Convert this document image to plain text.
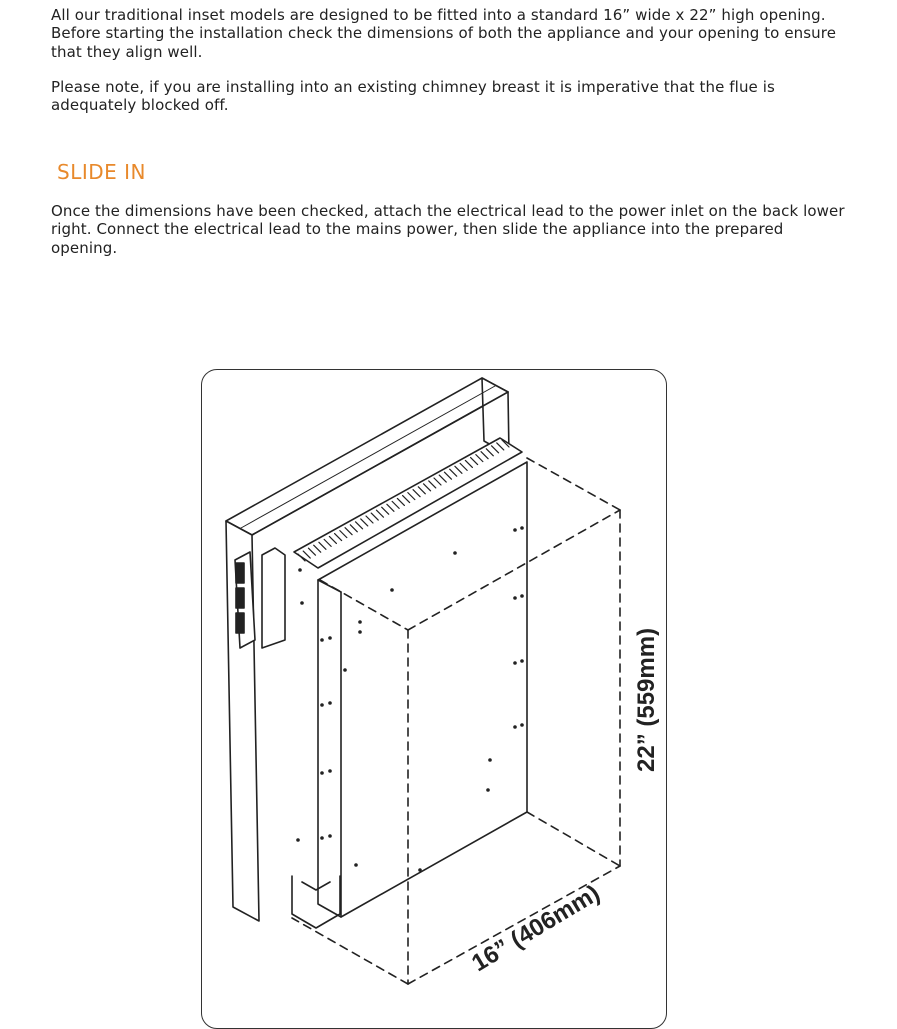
All our traditional inset models are designed to be fitted into a standard 16” wide x 22” high opening. Before starting the installation check the dimensions of both the appliance and your opening to ensure that they align well.

Please note, if you are installing into an existing chimney breast it is imperative that the flue is adequately blocked off.

SLIDE IN

Once the dimensions have been checked, attach the electrical lead to the power inlet on the back lower right. Connect the electrical lead to the mains power, then slide the appliance into the prepared opening.

22” (559mm)
16” (406mm)
